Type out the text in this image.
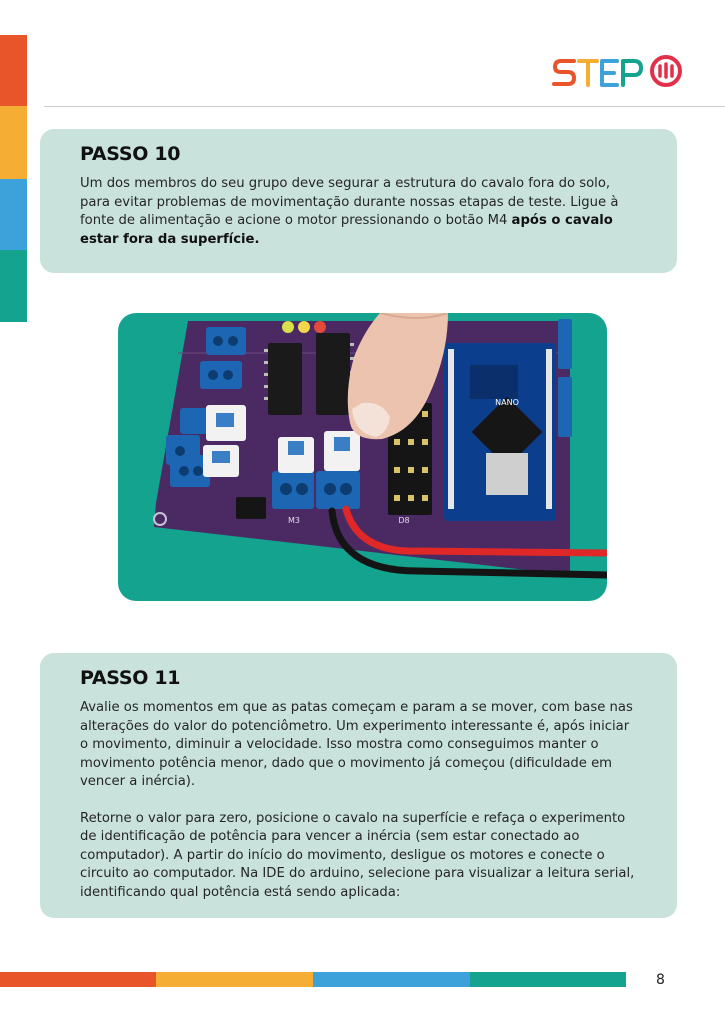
PASSO 10

Um dos membros do seu grupo deve segurar a estrutura do cavalo fora do solo, para evitar problemas de movimentação durante nossas etapas de teste. Ligue à fonte de alimentação e acione o motor pressionando o botão M4 após o cavalo estar fora da superfície.

NANO
M3	D8
PASSO 11

Avalie os momentos em que as patas começam e param a se mover, com base nas alterações do valor do potenciômetro. Um experimento interessante é, após iniciar o movimento, diminuir a velocidade. Isso mostra como conseguimos manter o movimento potência menor, dado que o movimento já começou (dificuldade em vencer a inércia).

Retorne o valor para zero, posicione o cavalo na superfície e refaça o experimento de identificação de potência para vencer a inércia (sem estar conectado ao computador). A partir do início do movimento, desligue os motores e conecte o circuito ao computador. Na IDE do arduino, selecione para visualizar a leitura serial, identificando qual potência está sendo aplicada:

8
